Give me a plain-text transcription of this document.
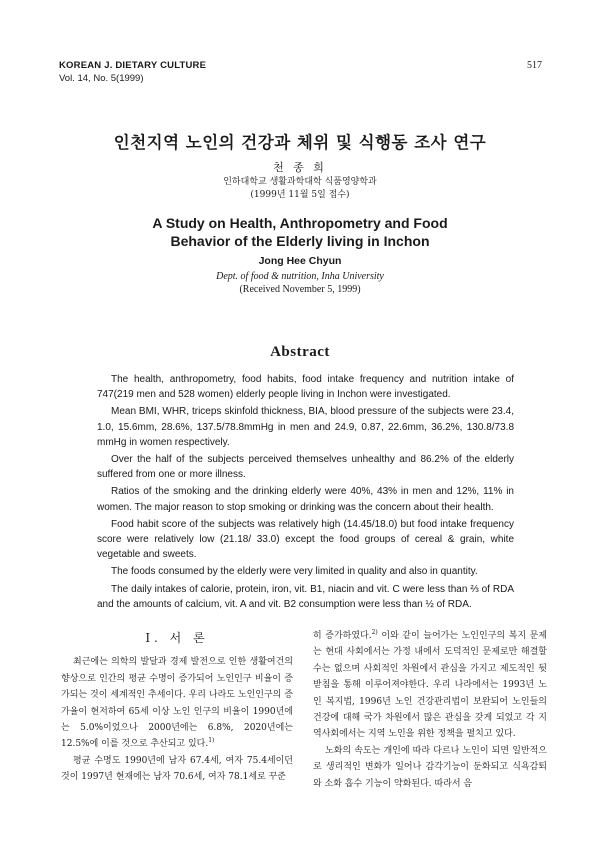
KOREAN J. DIETARY CULTURE
Vol. 14, No. 5(1999)
517
인천지역 노인의 건강과 체위 및 식행동 조사 연구
천 종 희
인하대학교 생활과학대학 식품영양학과
(1999년 11월 5일 접수)
A Study on Health, Anthropometry and Food
Behavior of the Elderly living in Inchon
Jong Hee Chyun
Dept. of food & nutrition, Inha University
(Received November 5, 1999)
Abstract

The health, anthropometry, food habits, food intake frequency and nutrition intake of 747(219 men and 528 women) elderly people living in Inchon were investigated.

Mean BMI, WHR, triceps skinfold thickness, BIA, blood pressure of the subjects were 23.4, 1.0, 15.6mm, 28.6%, 137.5/78.8mmHg in men and 24.9, 0.87, 22.6mm, 36.2%, 130.8/73.8 mmHg in women respectively.

Over the half of the subjects perceived themselves unhealthy and 86.2% of the elderly suffered from one or more illness.

Ratios of the smoking and the drinking elderly were 40%, 43% in men and 12%, 11% in women. The major reason to stop smoking or drinking was the concern about their health.

Food habit score of the subjects was relatively high (14.45/18.0) but food intake frequency score were relatively low (21.18/ 33.0) except the food groups of cereal & grain, white vegetable and sweets.

The foods consumed by the elderly were very limited in quality and also in quantity.

The daily intakes of calorie, protein, iron, vit. B1, niacin and vit. C were less than ⅔ of RDA and the amounts of calcium, vit. A and vit. B2 consumption were less than ½ of RDA.

I. 서 론

최근에는 의학의 발달과 경제 발전으로 인한 생활여건의 향상으로 인간의 평균 수명이 증가되어 노인인구 비율이 증가되는 것이 세계적인 추세이다. 우리 나라도 노인인구의 증가율이 현저하여 65세 이상 노인 인구의 비율이 1990년에는 5.0%이었으나 2000년에는 6.8%, 2020년에는 12.5%에 이를 것으로 추산되고 있다.$^{1)}$

평균 수명도 1990년에 남자 67.4세, 여자 75.4세이던 것이 1997년 현재에는 남자 70.6세, 여자 78.1세로 꾸준

히 증가하였다.$^{2)}$ 이와 같이 늘어가는 노인인구의 복지 문제는 현대 사회에서는 가정 내에서 도덕적인 문제로만 해결할 수는 없으며 사회적인 차원에서 관심을 가지고 제도적인 뒷받침을 통해 이루어져야한다. 우리 나라에서는 1993년 노인 복지법, 1996년 노인 건강관리법이 보완되어 노인들의 건강에 대해 국가 차원에서 많은 관심을 갖게 되었고 각 지역사회에서는 지역 노인을 위한 정책을 펼치고 있다.

노화의 속도는 개인에 따라 다르나 노인이 되면 일반적으로 생리적인 변화가 일어나 감각기능이 둔화되고 식욕감퇴와 소화 흡수 기능이 약화된다. 따라서 음
